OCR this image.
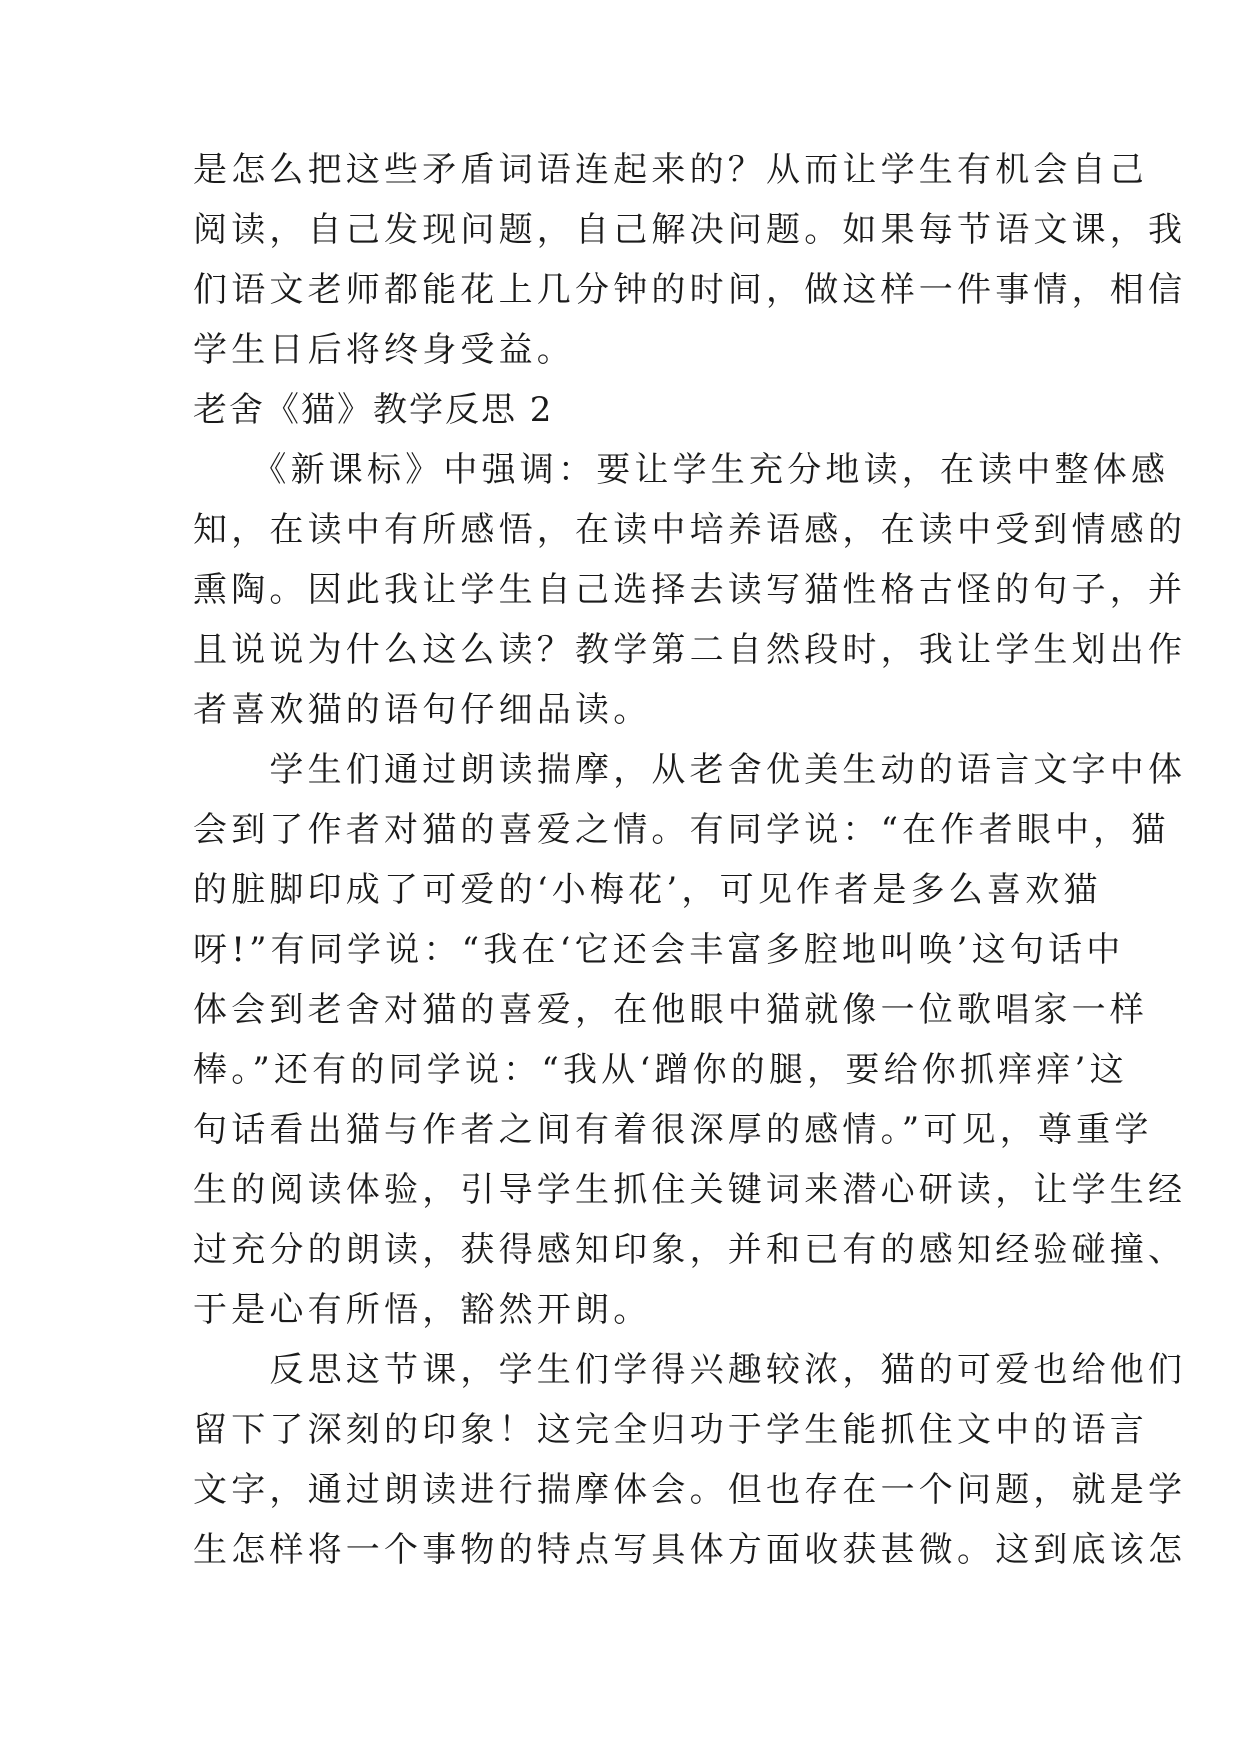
是怎么把这些矛盾词语连起来的？从而让学生有机会自己
阅读，自己发现问题，自己解决问题。如果每节语文课，我
们语文老师都能花上几分钟的时间，做这样一件事情，相信
学生日后将终身受益。
老舍《猫》教学反思 2
　　《新课标》中强调：要让学生充分地读，在读中整体感
知，在读中有所感悟，在读中培养语感，在读中受到情感的
熏陶。因此我让学生自己选择去读写猫性格古怪的句子，并
且说说为什么这么读？教学第二自然段时，我让学生划出作
者喜欢猫的语句仔细品读。
　　学生们通过朗读揣摩，从老舍优美生动的语言文字中体
会到了作者对猫的喜爱之情。有同学说：“在作者眼中，猫
的脏脚印成了可爱的‘小梅花’，可见作者是多么喜欢猫
呀!”有同学说：“我在‘它还会丰富多腔地叫唤’这句话中
体会到老舍对猫的喜爱，在他眼中猫就像一位歌唱家一样
棒。”还有的同学说：“我从‘蹭你的腿，要给你抓痒痒’这
句话看出猫与作者之间有着很深厚的感情。”可见，尊重学
生的阅读体验，引导学生抓住关键词来潜心研读，让学生经
过充分的朗读，获得感知印象，并和已有的感知经验碰撞、
于是心有所悟，豁然开朗。
　　反思这节课，学生们学得兴趣较浓，猫的可爱也给他们
留下了深刻的印象！这完全归功于学生能抓住文中的语言
文字，通过朗读进行揣摩体会。但也存在一个问题，就是学
生怎样将一个事物的特点写具体方面收获甚微。这到底该怎
